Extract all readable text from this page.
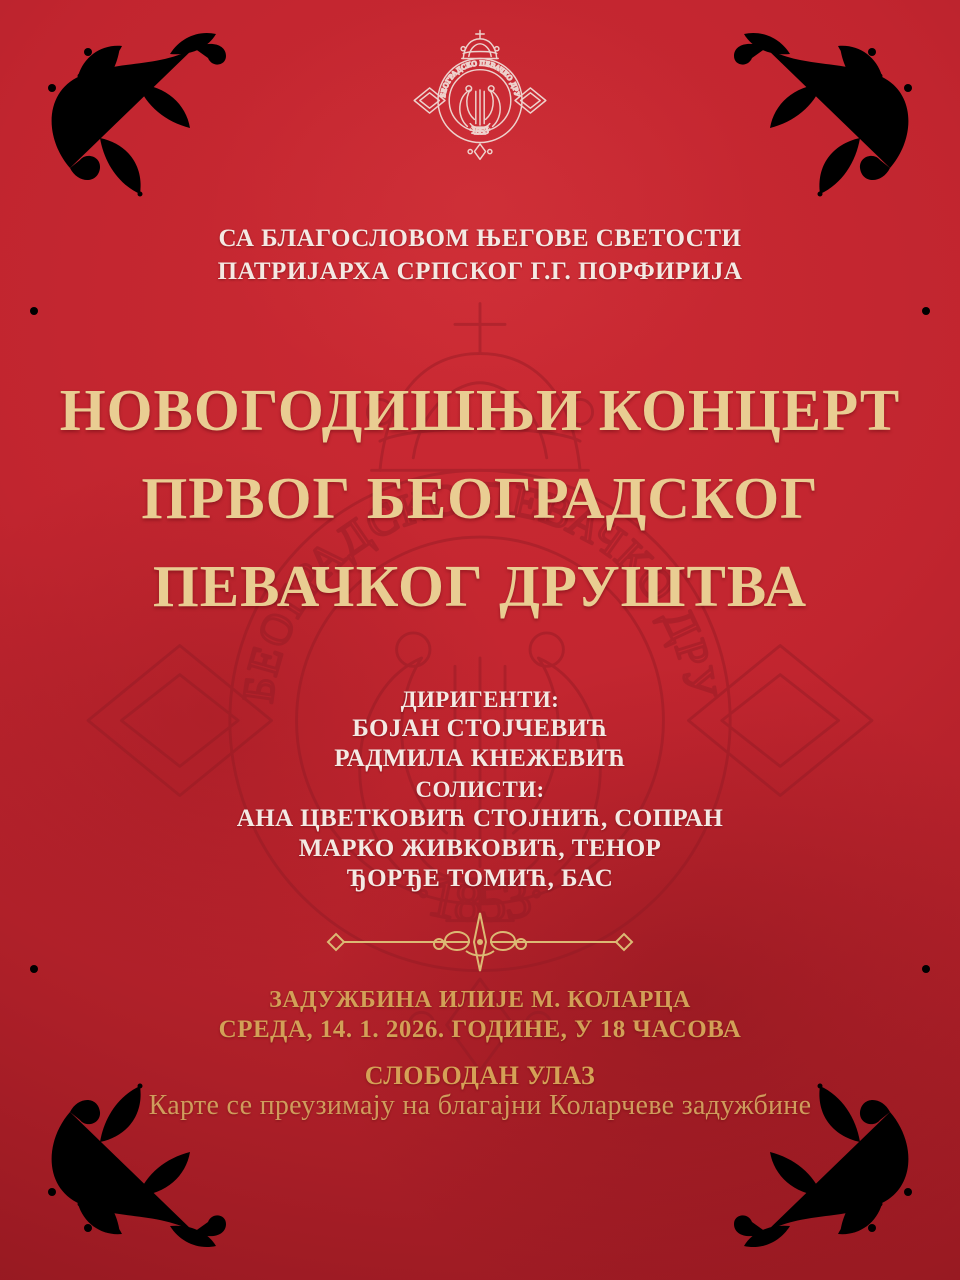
СА БЛАГОСЛОВОМ ЊЕГОВЕ СВЕТОСТИ
ПАТРИЈАРХА СРПСКОГ Г.Г. ПОРФИРИЈА
НОВОГОДИШЊИ КОНЦЕРТ
ПРВОГ БЕОГРАДСКОГ
ПЕВАЧКОГ ДРУШТВА
ДИРИГЕНТИ:
БОЈАН СТОЈЧЕВИЋ
РАДМИЛА КНЕЖЕВИЋ
СОЛИСТИ:
АНА ЦВЕТКОВИЋ СТОЈНИЋ, СОПРАН
МАРКО ЖИВКОВИЋ, ТЕНОР
ЂОРЂЕ ТОМИЋ, БАС
ЗАДУЖБИНА ИЛИЈЕ М. КОЛАРЦА
СРЕДА, 14. 1. 2026. ГОДИНЕ, У 18 ЧАСОВА
СЛОБОДАН УЛАЗ
Карте се преузимају на благајни Коларчеве задужбине
